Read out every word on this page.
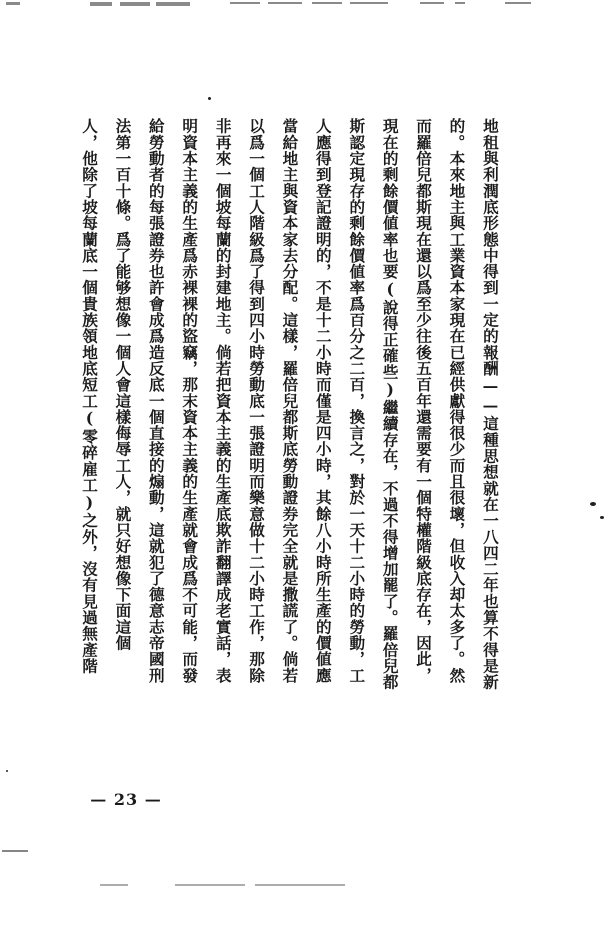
地租與利潤底形態中得到一定的報酬——這種思想就在一八四二年也算不得是新
的。本來地主與工業資本家現在已經供獻得很少而且很壞，但收入却太多了。然
而羅倍兒都斯現在還以爲至少往後五百年還需要有一個特權階級底存在，因此，
現在的剩餘價値率也要(說得正確些)繼續存在，不過不得增加罷了。羅倍兒都
斯認定現存的剩餘價値率爲百分之二百，換言之，對於一天十二小時的勞動，工
人應得到登記證明的，不是十二小時而僅是四小時，其餘八小時所生產的價値應
當給地主與資本家去分配。這樣，羅倍兒都斯底勞動證券完全就是撒謊了。倘若
以爲一個工人階級爲了得到四小時勞動底一張證明而樂意做十二小時工作，那除
非再來一個坡每蘭的封建地主。倘若把資本主義的生產底欺詐翻譯成老實話，表
明資本主義的生產爲赤裸裸的盜竊，那末資本主義的生產就會成爲不可能，而發
給勞動者的每張證券也許會成爲造反底一個直接的煽動，這就犯了德意志帝國刑
法第一百十條。爲了能够想像一個人會這樣侮辱工人，就只好想像下面這個
人，他除了坡每蘭底一個貴族領地底短工(零碎雇工)之外，沒有見過無產階
— 23 —
